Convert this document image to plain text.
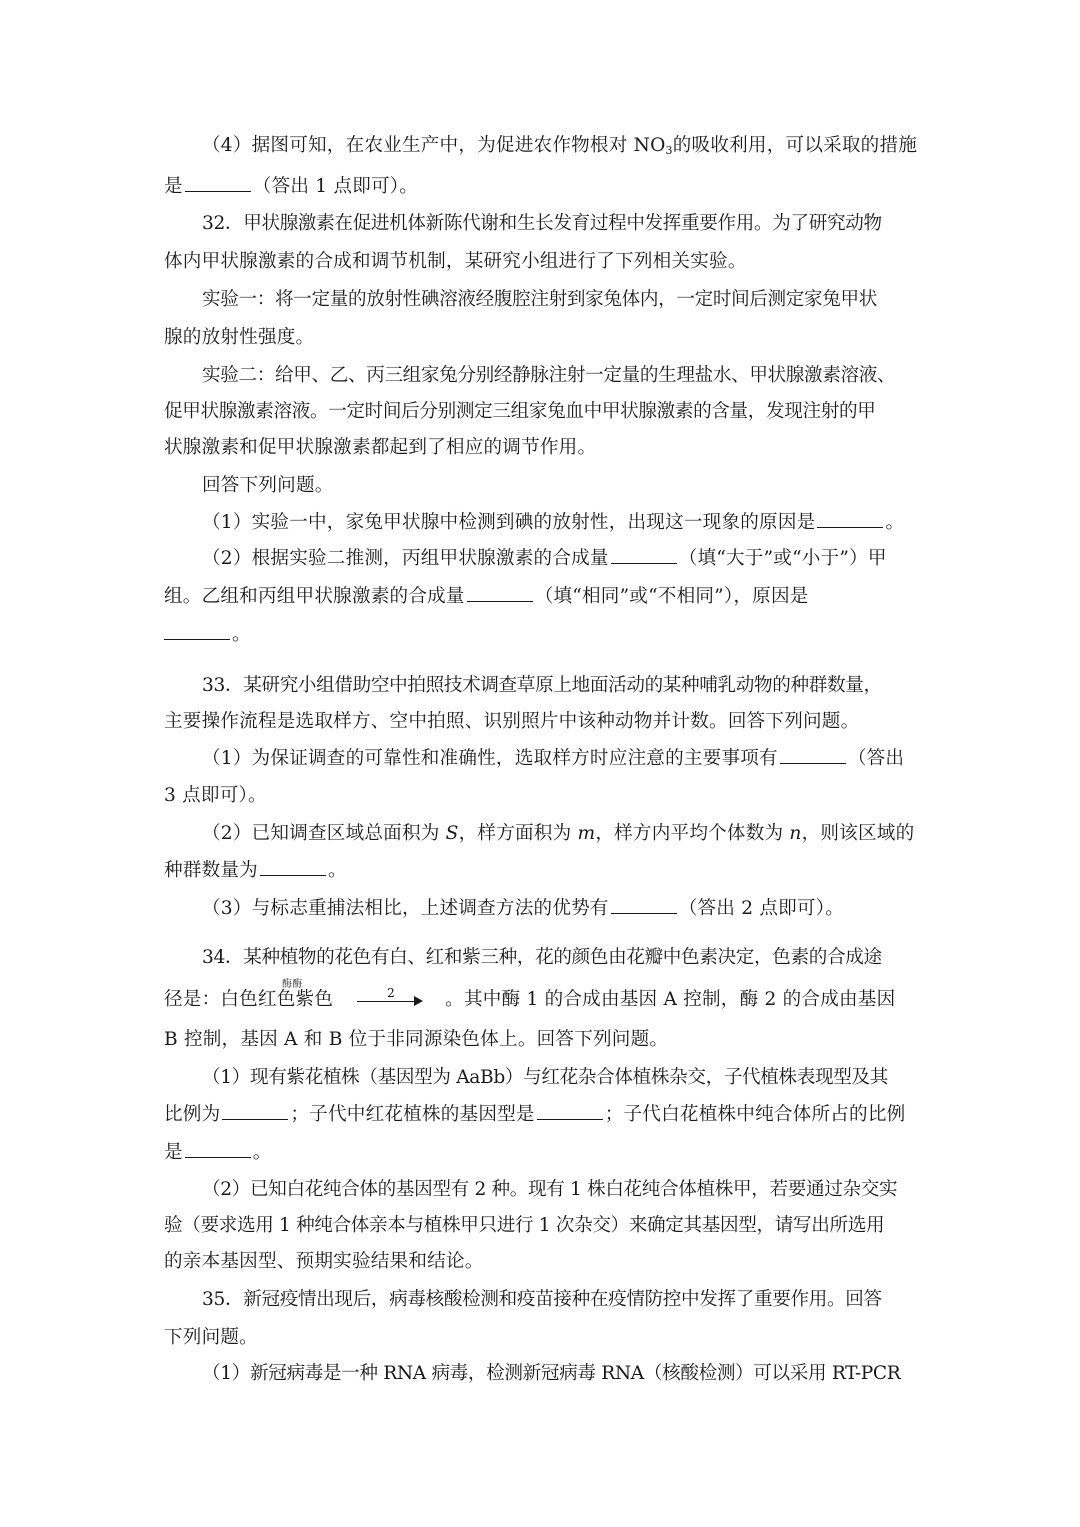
（4）据图可知，在农业生产中，为促进农作物根对 $NO_3$的吸收利用，可以采取的措施
是	（答出 1 点即可）。
32．甲状腺激素在促进机体新陈代谢和生长发育过程中发挥重要作用。为了研究动物
体内甲状腺激素的合成和调节机制，某研究小组进行了下列相关实验。
实验一：将一定量的放射性碘溶液经腹腔注射到家兔体内，一定时间后测定家兔甲状
腺的放射性强度。
实验二：给甲、乙、丙三组家兔分别经静脉注射一定量的生理盐水、甲状腺激素溶液、
促甲状腺激素溶液。一定时间后分别测定三组家兔血中甲状腺激素的含量，发现注射的甲
状腺激素和促甲状腺激素都起到了相应的调节作用。
回答下列问题。
（1）实验一中，家兔甲状腺中检测到碘的放射性，出现这一现象的原因是	。
（2）根据实验二推测，丙组甲状腺激素的合成量	（填“大于”或“小于”）甲
组。乙组和丙组甲状腺激素的合成量	（填“相同”或“不相同”），原因是
。
33．某研究小组借助空中拍照技术调查草原上地面活动的某种哺乳动物的种群数量，
主要操作流程是选取样方、空中拍照、识别照片中该种动物并计数。回答下列问题。
（1）为保证调查的可靠性和准确性，选取样方时应注意的主要事项有	（答出
3 点即可）。
（2）已知调查区域总面积为 S，样方面积为 m，样方内平均个体数为 n，则该区域的
种群数量为	。
（3）与标志重捕法相比，上述调查方法的优势有	（答出 2 点即可）。
34．某种植物的花色有白、红和紫三种，花的颜色由花瓣中色素决定，色素的合成途
径是：白色红色紫色
酶酶
2	。其中酶 1 的合成由基因 A 控制，酶 2 的合成由基因
B 控制，基因 A 和 B 位于非同源染色体上。回答下列问题。
（1）现有紫花植株（基因型为 AaBb）与红花杂合体植株杂交，子代植株表现型及其
比例为	；子代中红花植株的基因型是	；子代白花植株中纯合体所占的比例
是	。
（2）已知白花纯合体的基因型有 2 种。现有 1 株白花纯合体植株甲，若要通过杂交实
验（要求选用 1 种纯合体亲本与植株甲只进行 1 次杂交）来确定其基因型，请写出所选用
的亲本基因型、预期实验结果和结论。
35．新冠疫情出现后，病毒核酸检测和疫苗接种在疫情防控中发挥了重要作用。回答
下列问题。
（1）新冠病毒是一种 RNA 病毒，检测新冠病毒 RNA（核酸检测）可以采用 RT-PCR
